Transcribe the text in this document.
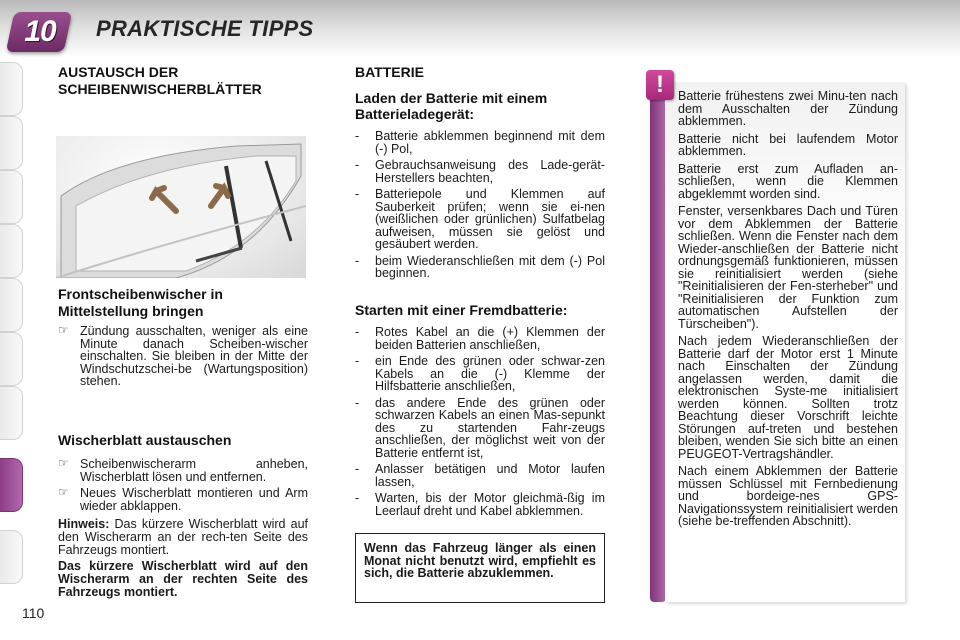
10	PRAKTISCHE TIPPS
110
AUSTAUSCH DER SCHEIBENWISCHERBLÄTTER
Frontscheibenwischer in Mittelstellung bringen
☞ Zündung ausschalten, weniger als eine Minute danach Scheiben-wischer einschalten. Sie bleiben in der Mitte der Windschutzschei-be (Wartungsposition) stehen.
Wischerblatt austauschen
☞ Scheibenwischerarm anheben, Wischerblatt lösen und entfernen.
☞ Neues Wischerblatt montieren und Arm wieder abklappen.
Hinweis: Das kürzere Wischerblatt wird auf den Wischerarm an der rech-ten Seite des Fahrzeugs montiert.
Das kürzere Wischerblatt wird auf den Wischerarm an der rechten Seite des Fahrzeugs montiert.
BATTERIE
Laden der Batterie mit einem Batterieladegerät:
- Batterie abklemmen beginnend mit dem (-) Pol,
- Gebrauchsanweisung des Lade-gerät-Herstellers beachten,
- Batteriepole und Klemmen auf Sauberkeit prüfen; wenn sie ei-nen (weißlichen oder grünlichen) Sulfatbelag aufweisen, müssen sie gelöst und gesäubert werden.
- beim Wiederanschließen mit dem (-) Pol beginnen.
Starten mit einer Fremdbatterie:
- Rotes Kabel an die (+) Klemmen der beiden Batterien anschließen,
- ein Ende des grünen oder schwar-zen Kabels an die (-) Klemme der Hilfsbatterie anschließen,
- das andere Ende des grünen oder schwarzen Kabels an einen Mas-sepunkt des zu startenden Fahr-zeugs anschließen, der möglichst weit von der Batterie entfernt ist,
- Anlasser betätigen und Motor laufen lassen,
- Warten, bis der Motor gleichmä-ßig im Leerlauf dreht und Kabel abklemmen.
Wenn das Fahrzeug länger als einen Monat nicht benutzt wird, empfiehlt es sich, die Batterie abzuklemmen.
!	Batterie frühestens zwei Minu-ten nach dem Ausschalten der Zündung abklemmen.

Batterie nicht bei laufendem Motor abklemmen.

Batterie erst zum Aufladen an-schließen, wenn die Klemmen abgeklemmt worden sind.

Fenster, versenkbares Dach und Türen vor dem Abklemmen der Batterie schließen. Wenn die Fenster nach dem Wieder-anschließen der Batterie nicht ordnungsgemäß funktionieren, müssen sie reinitialisiert werden (siehe "Reinitialisieren der Fen-sterheber" und "Reinitialisieren der Funktion zum automatischen Aufstellen der Türscheiben").

Nach jedem Wiederanschließen der Batterie darf der Motor erst 1 Minute nach Einschalten der Zündung angelassen werden, damit die elektronischen Syste-me initialisiert werden können. Sollten trotz Beachtung dieser Vorschrift leichte Störungen auf-treten und bestehen bleiben, wenden Sie sich bitte an einen PEUGEOT-Vertragshändler.

Nach einem Abklemmen der Batterie müssen Schlüssel mit Fernbedienung und bordeige-nes GPS-Navigationssystem reinitialisiert werden (siehe be-treffenden Abschnitt).
